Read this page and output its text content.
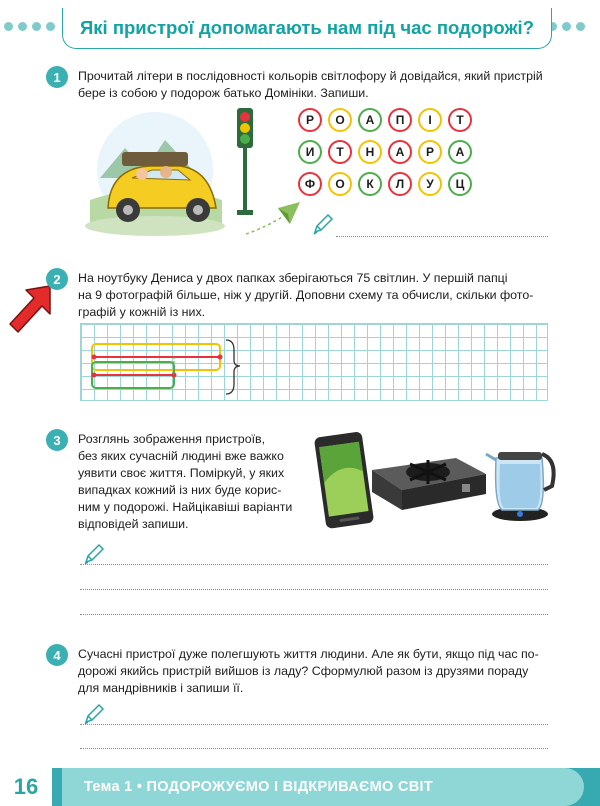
Які пристрої допомагають нам під час подорожі?
1	Прочитай літери в послідовності кольорів світлофору й довідайся, який пристрій
бере із собою у подорож батько Домініки. Запиши.
Р	О	А	П	І	Т
И	Т	Н	А	Р	А
Ф	О	К	Л	У	Ц
2	На ноутбуку Дениса у двох папках зберігаються 75 світлин. У першій папці
на 9 фотографій більше, ніж у другій. Доповни схему та обчисли, скільки фото-
графій у кожній із них.
3	Розглянь зображення пристроїв,
без яких сучасній людині вже важко
уявити своє життя. Поміркуй, у яких
випадках кожний із них буде корис-
ним у подорожі. Найцікавіші варіанти
відповідей запиши.
4	Сучасні пристрої дуже полегшують життя людини. Але як бути, якщо під час по-
дорожі якийсь пристрій вийшов із ладу? Сформулюй разом із друзями пораду
для мандрівників і запиши її.
16	Тема 1 • ПОДОРОЖУЄМО І ВІДКРИВАЄМО СВІТ
